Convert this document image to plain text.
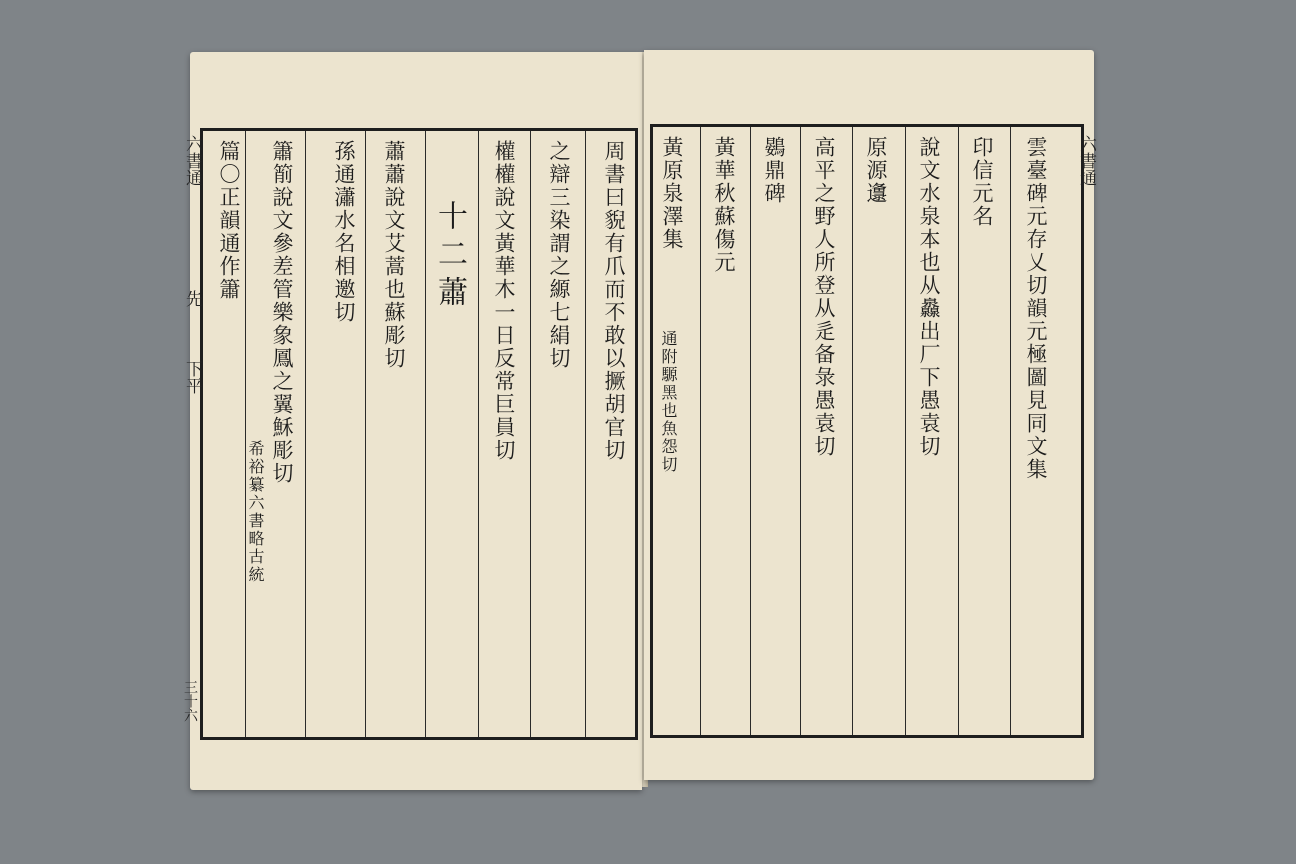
六書通
先
下平
三十六
周書曰貎有爪而不敢以撅胡官切
之辯三染謂之縓七絹切
權權說文黃華木一日反常巨員切
十二蕭
蕭蕭說文艾蒿也蘇彫切
孫通瀟水名相邀切
簫箾說文參差管樂象鳳之翼穌彫切
篇〇正韻通作簫
希裕纂六書略古統
六書通
雲臺碑元存乂切韻元極圖見同文集
印信元名
說文水泉本也从灥出厂下愚袁切
原源邍
高平之野人所登从辵备彔愚袁切
鷃鼎碑
黃華秋蘇傷元
黃原泉澤集
通附騵黑也魚怨切
